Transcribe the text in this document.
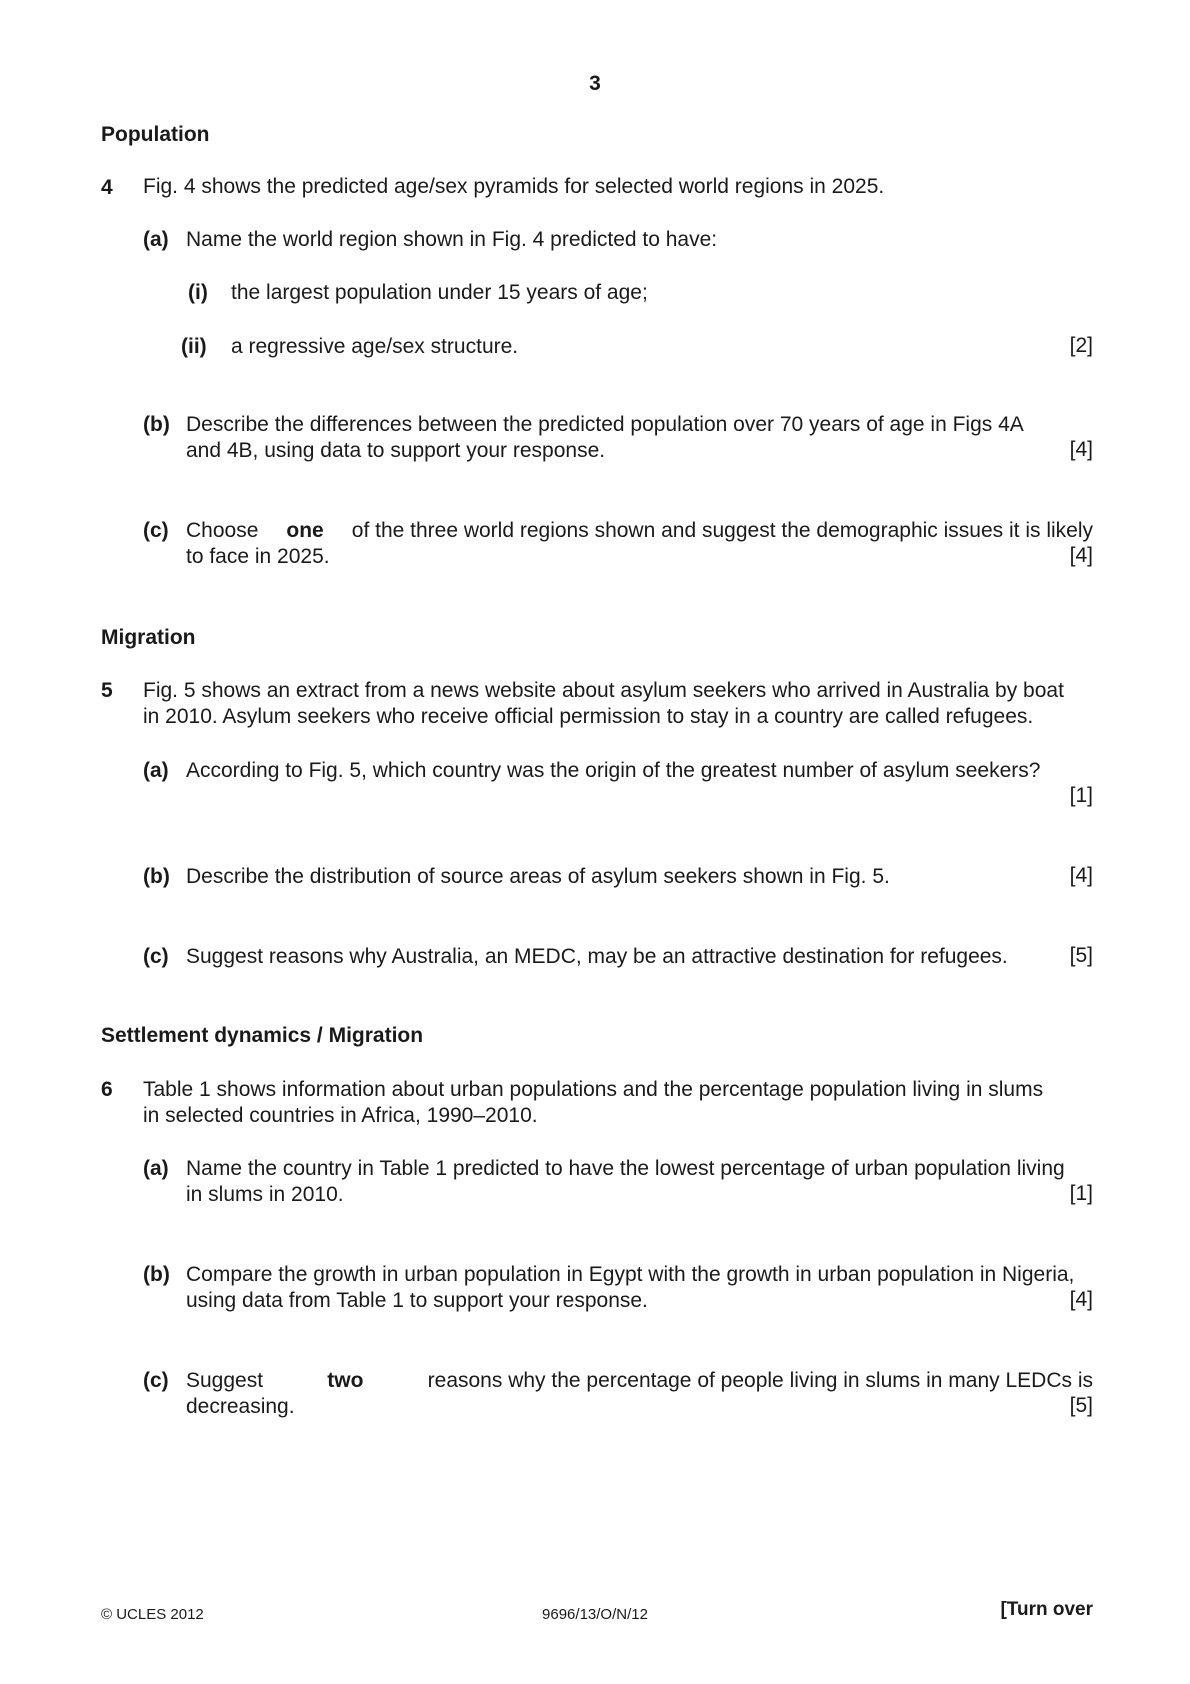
3
Population
4 Fig. 4 shows the predicted age/sex pyramids for selected world regions in 2025.
(a) Name the world region shown in Fig. 4 predicted to have:
(i) the largest population under 15 years of age;
(ii) a regressive age/sex structure.	[2]
(b) Describe the differences between the predicted population over 70 years of age in Figs 4A
and 4B, using data to support your response.	[4]
(c) Choose one of the three world regions shown and suggest the demographic issues it is likely
to face in 2025.	[4]
Migration
5 Fig. 5 shows an extract from a news website about asylum seekers who arrived in Australia by boat
in 2010. Asylum seekers who receive official permission to stay in a country are called refugees.
(a) According to Fig. 5, which country was the origin of the greatest number of asylum seekers?
[1]
(b) Describe the distribution of source areas of asylum seekers shown in Fig. 5.	[4]
(c) Suggest reasons why Australia, an MEDC, may be an attractive destination for refugees.	[5]
Settlement dynamics / Migration
6 Table 1 shows information about urban populations and the percentage population living in slums
in selected countries in Africa, 1990–2010.
(a) Name the country in Table 1 predicted to have the lowest percentage of urban population living
in slums in 2010.	[1]
(b) Compare the growth in urban population in Egypt with the growth in urban population in Nigeria,
using data from Table 1 to support your response.	[4]
(c) Suggest	two	reasons why the percentage of people living in slums in many LEDCs is
decreasing.	[5]
© UCLES 2012	9696/13/O/N/12	[Turn over
